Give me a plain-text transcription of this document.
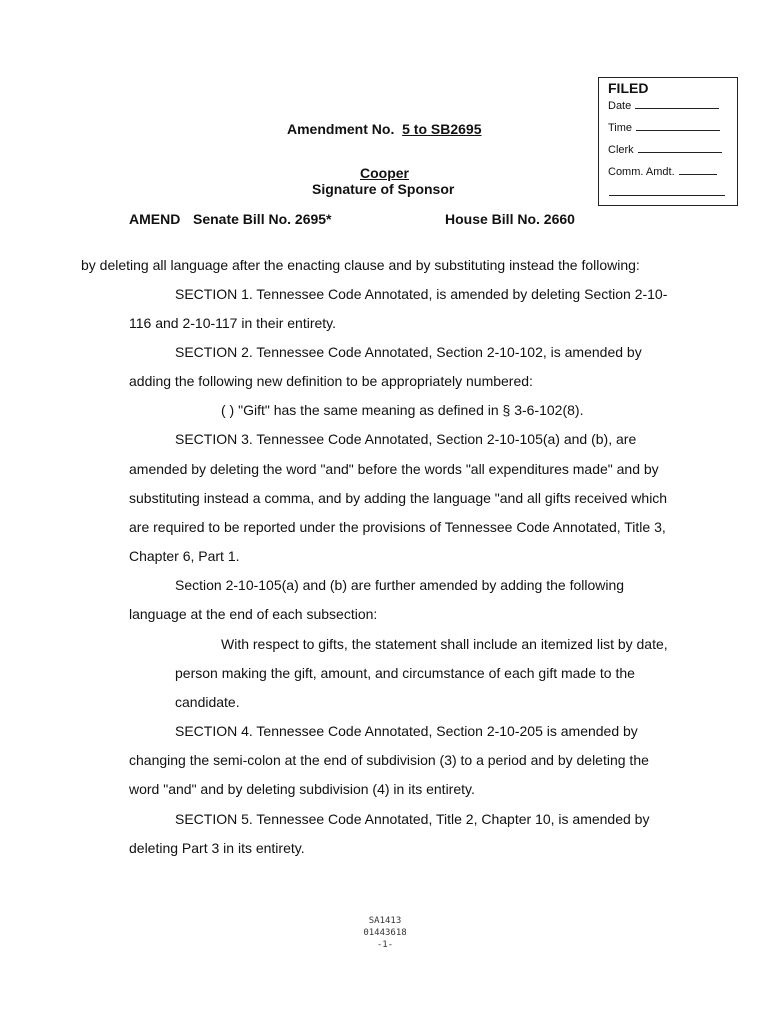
FILED
Date
Time
Clerk
Comm. Amdt.
Amendment No. 5 to SB2695
Cooper
Signature of Sponsor
AMEND Senate Bill No. 2695*	House Bill No. 2660
by deleting all language after the enacting clause and by substituting instead the following:
SECTION 1. Tennessee Code Annotated, is amended by deleting Section 2-10-
116 and 2-10-117 in their entirety.
SECTION 2. Tennessee Code Annotated, Section 2-10-102, is amended by
adding the following new definition to be appropriately numbered:
( ) "Gift" has the same meaning as defined in § 3-6-102(8).
SECTION 3. Tennessee Code Annotated, Section 2-10-105(a) and (b), are
amended by deleting the word "and" before the words "all expenditures made" and by
substituting instead a comma, and by adding the language "and all gifts received which
are required to be reported under the provisions of Tennessee Code Annotated, Title 3,
Chapter 6, Part 1.
Section 2-10-105(a) and (b) are further amended by adding the following
language at the end of each subsection:
With respect to gifts, the statement shall include an itemized list by date,
person making the gift, amount, and circumstance of each gift made to the
candidate.
SECTION 4. Tennessee Code Annotated, Section 2-10-205 is amended by
changing the semi-colon at the end of subdivision (3) to a period and by deleting the
word "and" and by deleting subdivision (4) in its entirety.
SECTION 5. Tennessee Code Annotated, Title 2, Chapter 10, is amended by
deleting Part 3 in its entirety.
SA1413
01443618
-1-
